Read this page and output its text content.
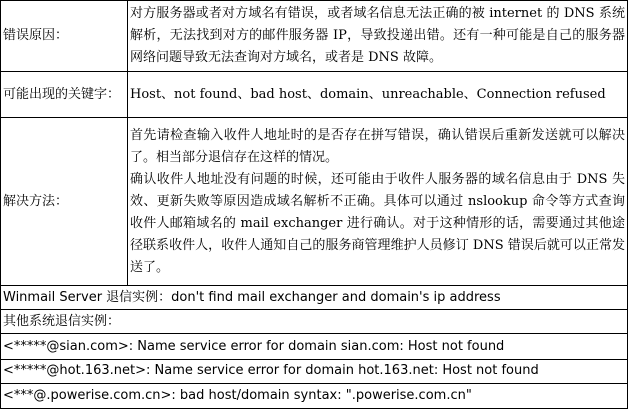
错误原因：	对方服务器或者对方域名有错误，或者域名信息无法正确的被 internet 的 DNS 系统解析，无法找到对方的邮件服务器 IP，导致投递出错。还有一种可能是自己的服务器网络问题导致无法查询对方域名，或者是 DNS 故障。
可能出现的关键字：	Host、not found、bad host、domain、unreachable、Connection refused
解决方法：	首先请检查输入收件人地址时的是否存在拼写错误，确认错误后重新发送就可以解决了。相当部分退信存在这样的情况。
确认收件人地址没有问题的时候，还可能由于收件人服务器的域名信息由于 DNS 失效、更新失败等原因造成域名解析不正确。具体可以通过 nslookup 命令等方式查询收件人邮箱域名的 mail exchanger 进行确认。对于这种情形的话，需要通过其他途径联系收件人，收件人通知自己的服务商管理维护人员修订 DNS 错误后就可以正常发送了。

Winmail Server 退信实例：don't find mail exchanger and domain's ip address	
其他系统退信实例：	
<*****@sian.com>: Name service error for domain sian.com: Host not found	
<*****@hot.163.net>: Name service error for domain hot.163.net: Host not found	
<***@.powerise.com.cn>: bad host/domain syntax: ".powerise.com.cn"	
